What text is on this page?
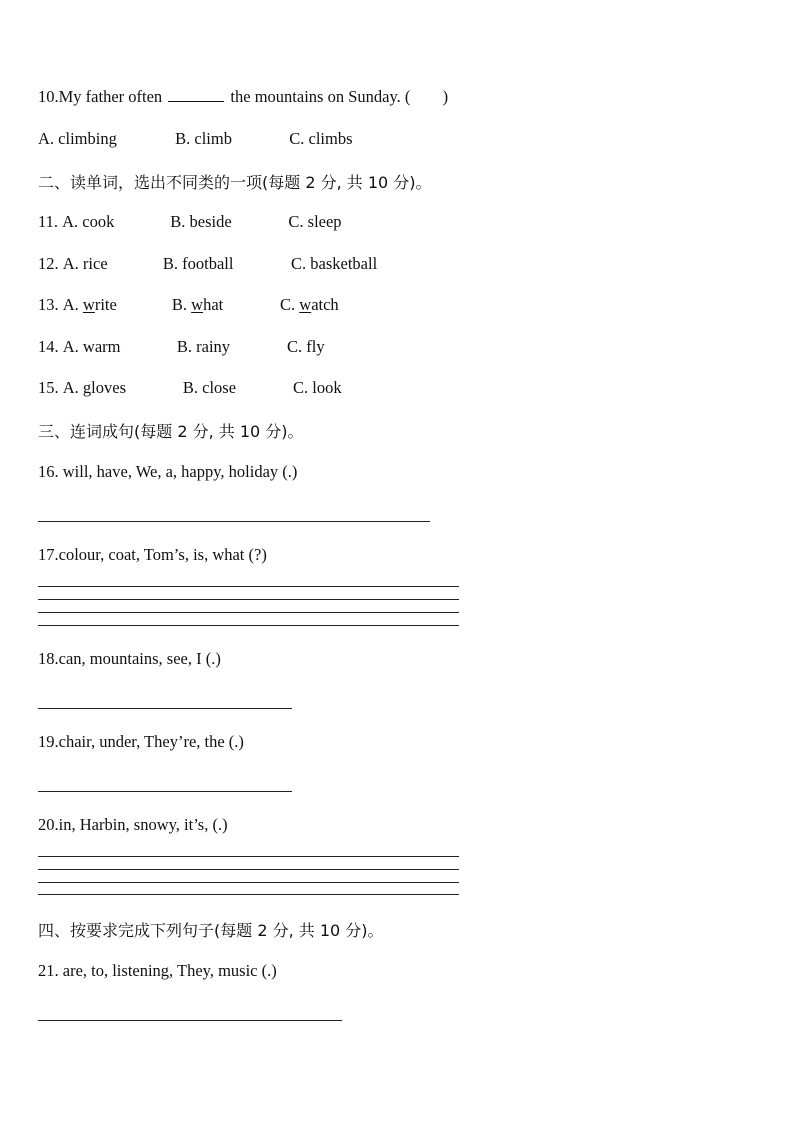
10.My father often	the mountains on Sunday. ( )
A. climbing	B. climb	C. climbs
二、读单词，选出不同类的一项(每题 2 分, 共 10 分)。
11. A. cook	B. beside	C. sleep
12. A. rice	B. football	C. basketball
13. A. write	B. what	C. watch
14. A. warm	B. rainy	C. fly
15. A. gloves	B. close	C. look
三、连词成句(每题 2 分, 共 10 分)。
16. will, have, We, a, happy, holiday (.)
17.colour, coat, Tom’s, is, what (?)
18.can, mountains, see, I (.)
19.chair, under, They’re, the (.)
20.in, Harbin, snowy, it’s, (.)
四、按要求完成下列句子(每题 2 分, 共 10 分)。
21. are, to, listening, They, music (.)
